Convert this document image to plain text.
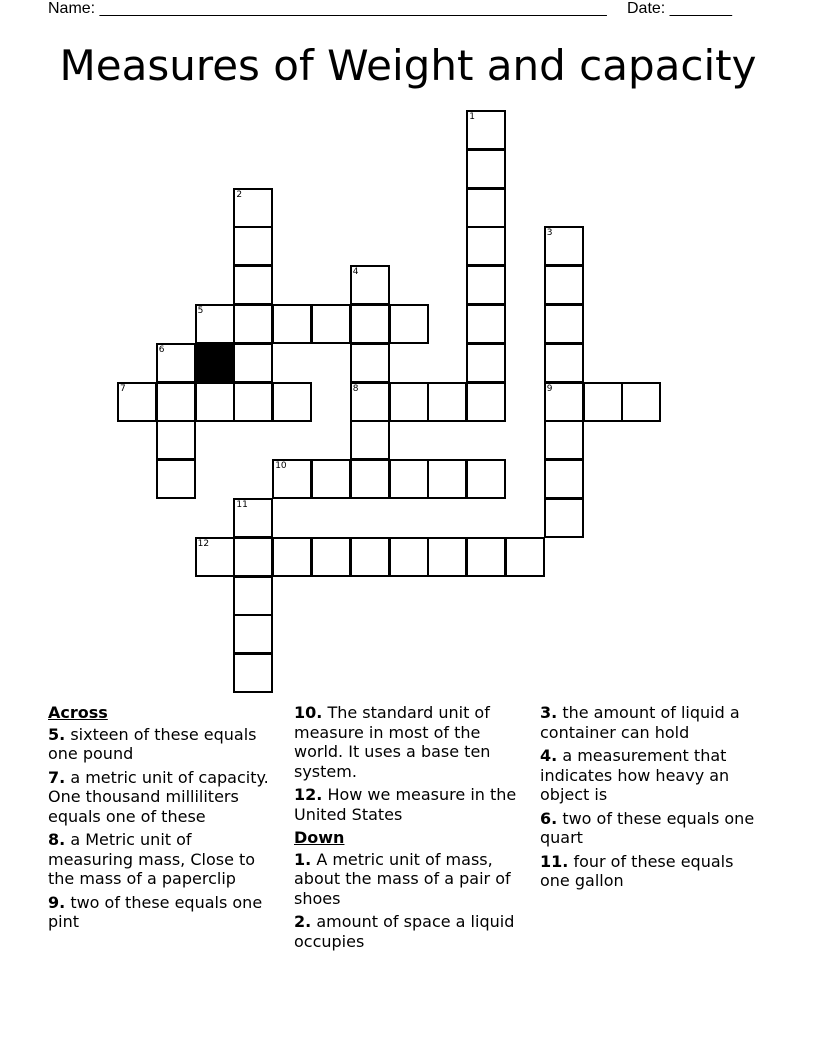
Name: _________________________________________________________ Date: _______
Measures of Weight and capacity
1
2
3
9
4
8
5
6
7
10
11
12
Across
5. sixteen of these equals one pound
7. a metric unit of capacity. One thousand milliliters equals one of these
8. a Metric unit of measuring mass, Close to the mass of a paperclip
9. two of these equals one pint
10. The standard unit of measure in most of the world. It uses a base ten system.
12. How we measure in the United States
Down
1. A metric unit of mass, about the mass of a pair of shoes
2. amount of space a liquid occupies
3. the amount of liquid a container can hold
4. a measurement that indicates how heavy an object is
6. two of these equals one quart
11. four of these equals one gallon
